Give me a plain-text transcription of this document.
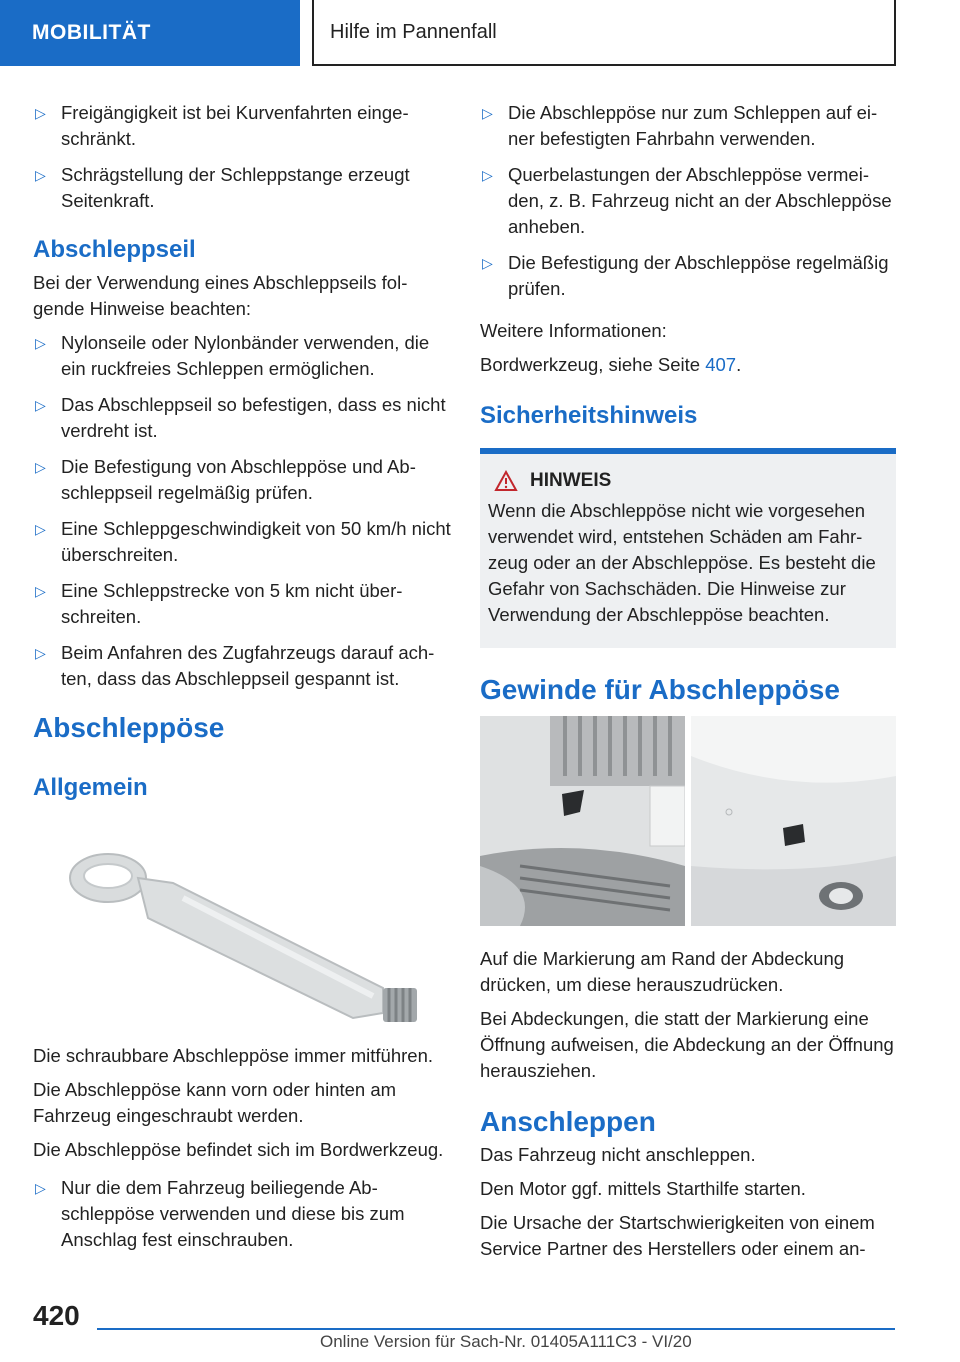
MOBILITÄT	Hilfe im Pannenfall
▷ Freigängigkeit ist bei Kurvenfahrten eingeschränkt.
▷ Schrägstellung der Schleppstange erzeugt Seitenkraft.
Abschleppseil

Bei der Verwendung eines Abschleppseils folgende Hinweise beachten:

▷ Nylonseile oder Nylonbänder verwenden, die ein ruckfreies Schleppen ermöglichen.
▷ Das Abschleppseil so befestigen, dass es nicht verdreht ist.
▷ Die Befestigung von Abschleppöse und Abschleppseil regelmäßig prüfen.
▷ Eine Schleppgeschwindigkeit von 50 km/h nicht überschreiten.
▷ Eine Schleppstrecke von 5 km nicht überschreiten.
▷ Beim Anfahren des Zugfahrzeugs darauf achten, dass das Abschleppseil gespannt ist.
Abschleppöse
Allgemein

Die schraubbare Abschleppöse immer mitführen.

Die Abschleppöse kann vorn oder hinten am Fahrzeug eingeschraubt werden.

Die Abschleppöse befindet sich im Bordwerkzeug.

▷ Nur die dem Fahrzeug beiliegende Abschleppöse verwenden und diese bis zum Anschlag fest einschrauben.
▷ Die Abschleppöse nur zum Schleppen auf einer befestigten Fahrbahn verwenden.
▷ Querbelastungen der Abschleppöse vermeiden, z. B. Fahrzeug nicht an der Abschleppöse anheben.
▷ Die Befestigung der Abschleppöse regelmäßig prüfen.

Weitere Informationen:

Bordwerkzeug, siehe Seite 407.

Sicherheitshinweis
HINWEIS

Wenn die Abschleppöse nicht wie vorgesehen verwendet wird, entstehen Schäden am Fahrzeug oder an der Abschleppöse. Es besteht die Gefahr von Sachschäden. Die Hinweise zur Verwendung der Abschleppöse beachten.

Gewinde für Abschleppöse

Auf die Markierung am Rand der Abdeckung drücken, um diese herauszudrücken.

Bei Abdeckungen, die statt der Markierung eine Öffnung aufweisen, die Abdeckung an der Öffnung herausziehen.

Anschleppen

Das Fahrzeug nicht anschleppen.

Den Motor ggf. mittels Starthilfe starten.

Die Ursache der Startschwierigkeiten von einem Service Partner des Herstellers oder einem an-

420
Online Version für Sach-Nr. 01405A111C3 - VI/20
